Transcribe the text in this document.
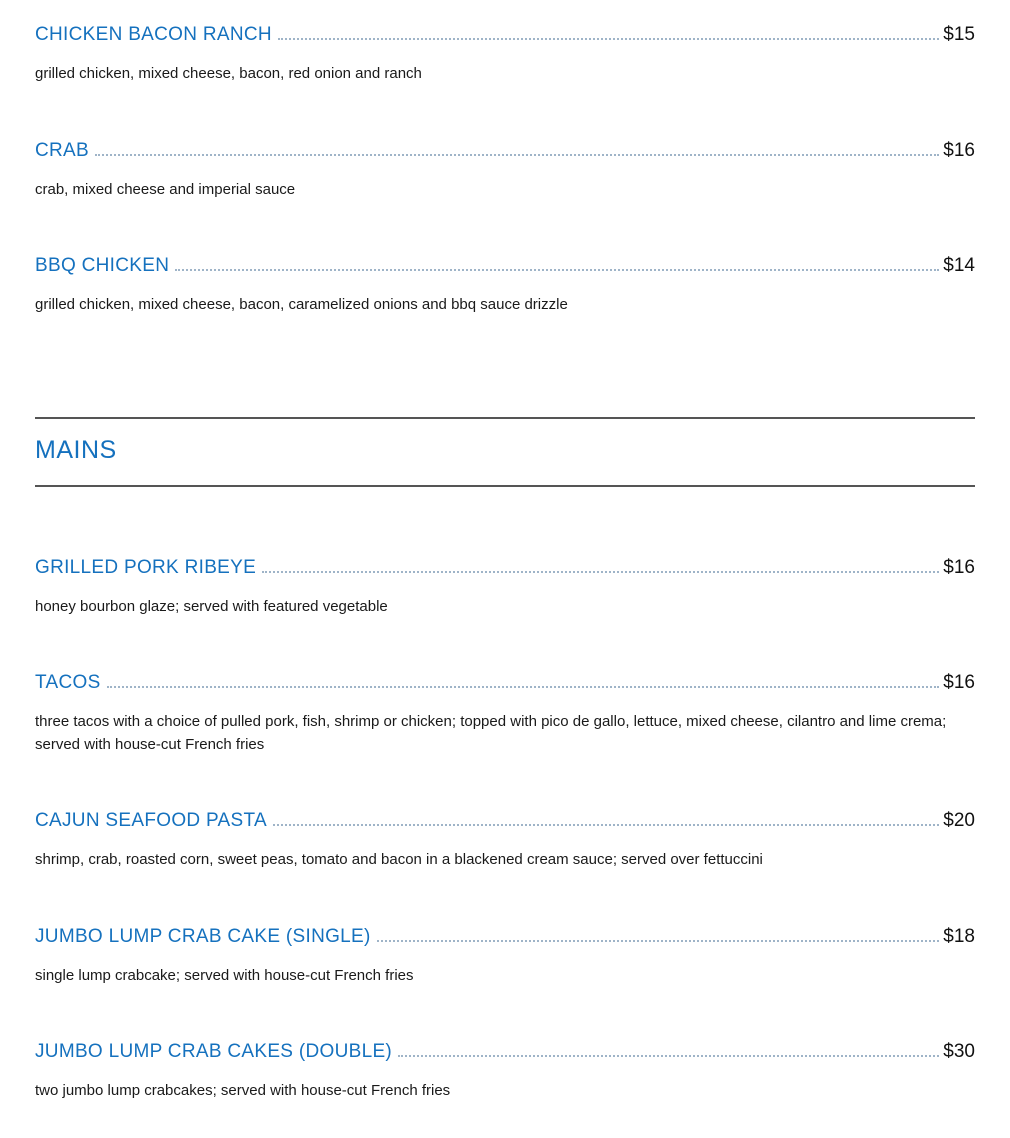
CHICKEN BACON RANCH	$15
grilled chicken, mixed cheese, bacon, red onion and ranch
CRAB	$16
crab, mixed cheese and imperial sauce
BBQ CHICKEN	$14
grilled chicken, mixed cheese, bacon, caramelized onions and bbq sauce drizzle
MAINS
GRILLED PORK RIBEYE	$16
honey bourbon glaze; served with featured vegetable
TACOS	$16
three tacos with a choice of pulled pork, fish, shrimp or chicken; topped with pico de gallo, lettuce, mixed cheese, cilantro and lime crema; served with house-cut French fries
CAJUN SEAFOOD PASTA	$20
shrimp, crab, roasted corn, sweet peas, tomato and bacon in a blackened cream sauce; served over fettuccini
JUMBO LUMP CRAB CAKE (SINGLE)	$18
single lump crabcake; served with house-cut French fries
JUMBO LUMP CRAB CAKES (DOUBLE)	$30
two jumbo lump crabcakes; served with house-cut French fries
